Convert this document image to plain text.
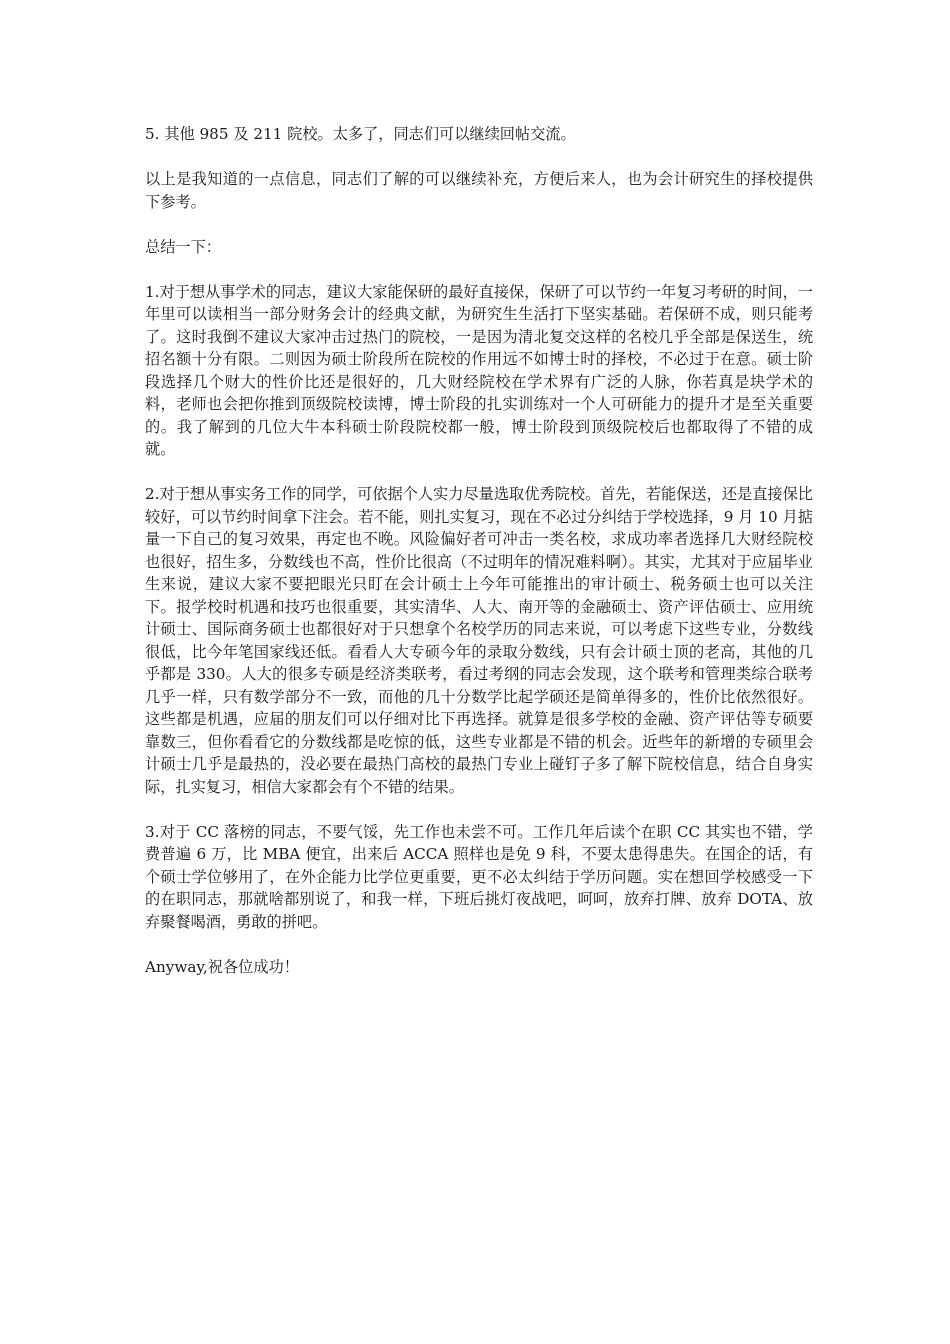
5. 其他 985 及 211 院校。太多了，同志们可以继续回帖交流。

以上是我知道的一点信息，同志们了解的可以继续补充，方便后来人，也为会计研究生的择校提供下参考。

总结一下：

1.对于想从事学术的同志，建议大家能保研的最好直接保，保研了可以节约一年复习考研的时间，一年里可以读相当一部分财务会计的经典文献，为研究生生活打下坚实基础。若保研不成，则只能考了。这时我倒不建议大家冲击过热门的院校，一是因为清北复交这样的名校几乎全部是保送生，统招名额十分有限。二则因为硕士阶段所在院校的作用远不如博士时的择校，不必过于在意。硕士阶段选择几个财大的性价比还是很好的，几大财经院校在学术界有广泛的人脉，你若真是块学术的料，老师也会把你推到顶级院校读博，博士阶段的扎实训练对一个人可研能力的提升才是至关重要的。我了解到的几位大牛本科硕士阶段院校都一般，博士阶段到顶级院校后也都取得了不错的成就。

2.对于想从事实务工作的同学，可依据个人实力尽量选取优秀院校。首先，若能保送，还是直接保比较好，可以节约时间拿下注会。若不能，则扎实复习，现在不必过分纠结于学校选择，9 月 10 月掂量一下自己的复习效果，再定也不晚。风险偏好者可冲击一类名校，求成功率者选择几大财经院校也很好，招生多，分数线也不高，性价比很高（不过明年的情况难料啊）。其实，尤其对于应届毕业生来说，建议大家不要把眼光只盯在会计硕士上今年可能推出的审计硕士、税务硕士也可以关注下。报学校时机遇和技巧也很重要，其实清华、人大、南开等的金融硕士、资产评估硕士、应用统计硕士、国际商务硕士也都很好对于只想拿个名校学历的同志来说，可以考虑下这些专业，分数线很低，比今年笔国家线还低。看看人大专硕今年的录取分数线，只有会计硕士顶的老高，其他的几乎都是 330。人大的很多专硕是经济类联考，看过考纲的同志会发现，这个联考和管理类综合联考几乎一样，只有数学部分不一致，而他的几十分数学比起学硕还是简单得多的，性价比依然很好。这些都是机遇，应届的朋友们可以仔细对比下再选择。就算是很多学校的金融、资产评估等专硕要靠数三，但你看看它的分数线都是吃惊的低，这些专业都是不错的机会。近些年的新增的专硕里会计硕士几乎是最热的，没必要在最热门高校的最热门专业上碰钉子多了解下院校信息，结合自身实际，扎实复习，相信大家都会有个不错的结果。

3.对于 CC 落榜的同志，不要气馁，先工作也未尝不可。工作几年后读个在职 CC 其实也不错，学费普遍 6 万，比 MBA 便宜，出来后 ACCA 照样也是免 9 科，不要太患得患失。在国企的话，有个硕士学位够用了，在外企能力比学位更重要，更不必太纠结于学历问题。实在想回学校感受一下的在职同志，那就啥都别说了，和我一样，下班后挑灯夜战吧，呵呵，放弃打牌、放弃 DOTA、放弃聚餐喝酒，勇敢的拼吧。

Anyway,祝各位成功！
